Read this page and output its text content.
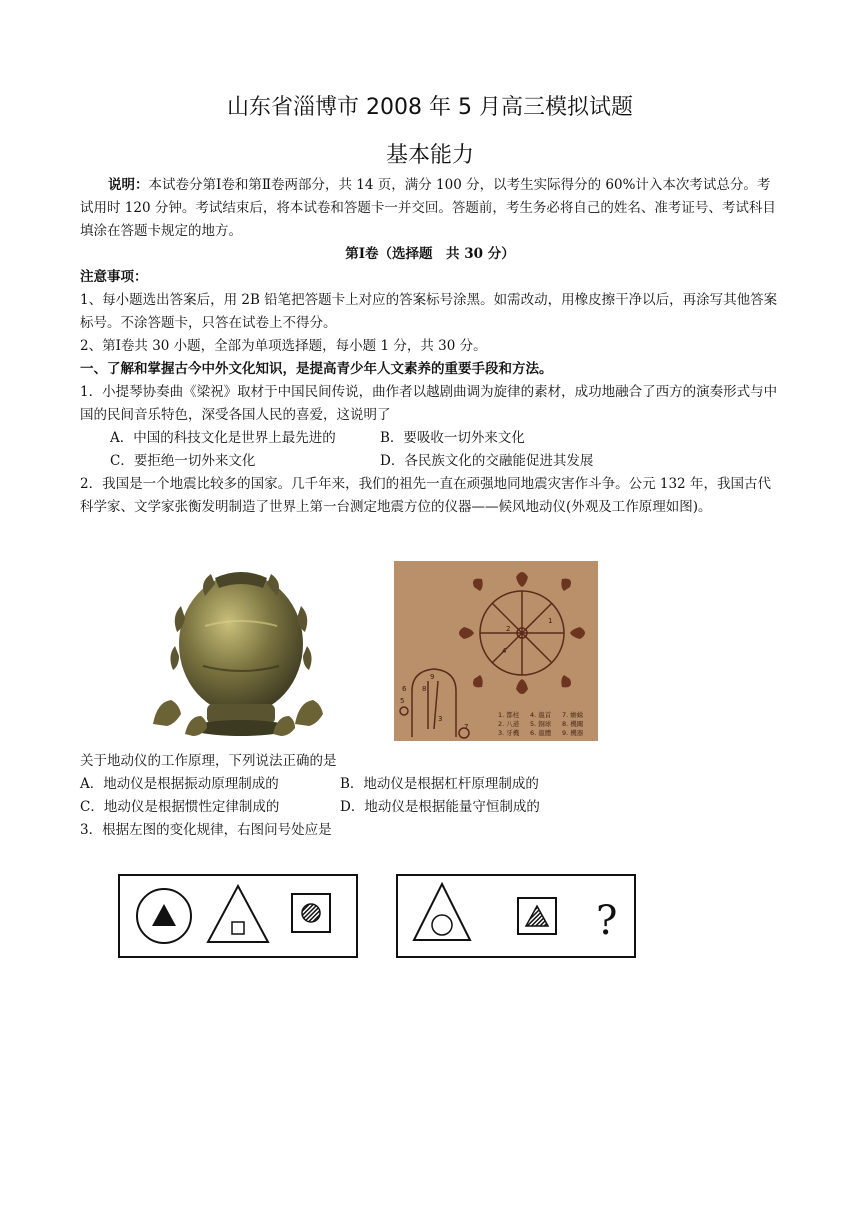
山东省淄博市 2008 年 5 月高三模拟试题
基本能力
说明：本试卷分第Ⅰ卷和第Ⅱ卷两部分，共 14 页，满分 100 分，以考生实际得分的 60%计入本次考试总分。考试用时 120 分钟。考试结束后，将本试卷和答题卡一并交回。答题前，考生务必将自己的姓名、准考证号、考试科目填涂在答题卡规定的地方。
第Ⅰ卷（选择题　共 30 分）
注意事项：
1、每小题选出答案后，用 2B 铅笔把答题卡上对应的答案标号涂黑。如需改动，用橡皮擦干净以后，再涂写其他答案标号。不涂答题卡，只答在试卷上不得分。
2、第Ⅰ卷共 30 小题，全部为单项选择题，每小题 1 分，共 30 分。
一、了解和掌握古今中外文化知识，是提高青少年人文素养的重要手段和方法。
1．小提琴协奏曲《梁祝》取材于中国民间传说，曲作者以越剧曲调为旋律的素材，成功地融合了西方的演奏形式与中国的民间音乐特色，深受各国人民的喜爱，这说明了
A．中国的科技文化是世界上最先进的	B．要吸收一切外来文化
C．要拒绝一切外来文化	D．各民族文化的交融能促进其发展
2．我国是一个地震比较多的国家。几千年来，我们的祖先一直在顽强地同地震灾害作斗争。公元 132 年，我国古代科学家、文学家张衡发明制造了世界上第一台测定地震方位的仪器——候风地动仪(外观及工作原理如图)。
1
2
3
4
5
6
7
8
9
1. 都柱 4. 龍首 7. 蟾蜍
2. 八道 5. 銅球 8. 機關
3. 牙機 6. 龍體 9. 機器
关于地动仪的工作原理，下列说法正确的是
A．地动仪是根据振动原理制成的	B．地动仪是根据杠杆原理制成的
C．地动仪是根据惯性定律制成的	D．地动仪是根据能量守恒制成的
3．根据左图的变化规律，右图问号处应是
?
